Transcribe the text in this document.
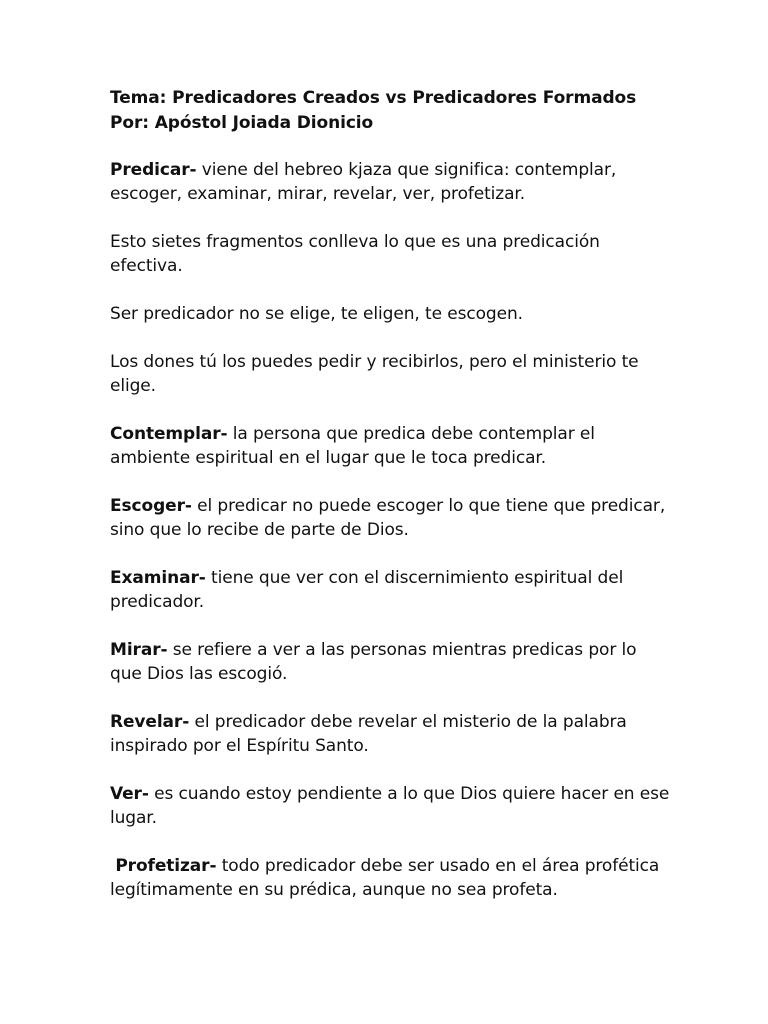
Tema: Predicadores Creados vs Predicadores Formados

Por: Apóstol Joiada Dionicio

Predicar- viene del hebreo kjaza que significa: contemplar, escoger, examinar, mirar, revelar, ver, profetizar.

Esto sietes fragmentos conlleva lo que es una predicación efectiva.

Ser predicador no se elige, te eligen, te escogen.

Los dones tú los puedes pedir y recibirlos, pero el ministerio te elige.

Contemplar- la persona que predica debe contemplar el ambiente espiritual en el lugar que le toca predicar.

Escoger- el predicar no puede escoger lo que tiene que predicar, sino que lo recibe de parte de Dios.

Examinar- tiene que ver con el discernimiento espiritual del predicador.

Mirar- se refiere a ver a las personas mientras predicas por lo que Dios las escogió.

Revelar- el predicador debe revelar el misterio de la palabra inspirado por el Espíritu Santo.

Ver- es cuando estoy pendiente a lo que Dios quiere hacer en ese lugar.

Profetizar- todo predicador debe ser usado en el área profética legítimamente en su prédica, aunque no sea profeta.
